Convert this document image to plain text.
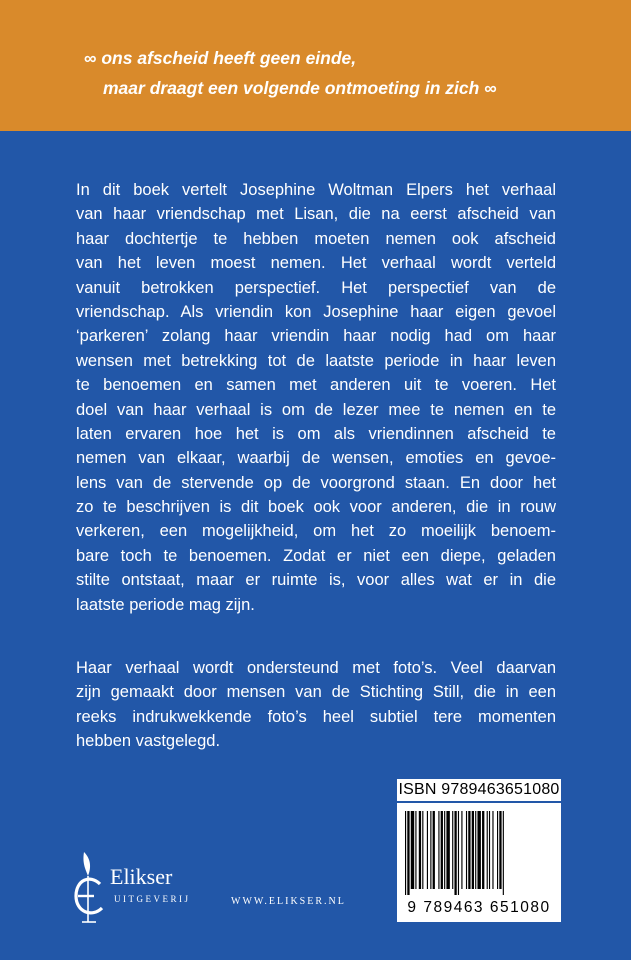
∞ ons afscheid heeft geen einde,
maar draagt een volgende ontmoeting in zich ∞
In dit boek vertelt Josephine Woltman Elpers het verhaal
van haar vriendschap met Lisan, die na eerst afscheid van
haar dochtertje te hebben moeten nemen ook afscheid
van het leven moest nemen. Het verhaal wordt verteld
vanuit betrokken perspectief. Het perspectief van de
vriendschap. Als vriendin kon Josephine haar eigen gevoel
‘parkeren’ zolang haar vriendin haar nodig had om haar
wensen met betrekking tot de laatste periode in haar leven
te benoemen en samen met anderen uit te voeren. Het
doel van haar verhaal is om de lezer mee te nemen en te
laten ervaren hoe het is om als vriendinnen afscheid te
nemen van elkaar, waarbij de wensen, emoties en gevoe-
lens van de stervende op de voorgrond staan. En door het
zo te beschrijven is dit boek ook voor anderen, die in rouw
verkeren, een mogelijkheid, om het zo moeilijk benoem-
bare toch te benoemen. Zodat er niet een diepe, geladen
stilte ontstaat, maar er ruimte is, voor alles wat er in die
laatste periode mag zijn.
Haar verhaal wordt ondersteund met foto’s. Veel daarvan
zijn gemaakt door mensen van de Stichting Still, die in een
reeks indrukwekkende foto’s heel subtiel tere momenten
hebben vastgelegd.
ISBN 9789463651080
9 789463 651080
Elikser
UITGEVERIJ	WWW.ELIKSER.NL
